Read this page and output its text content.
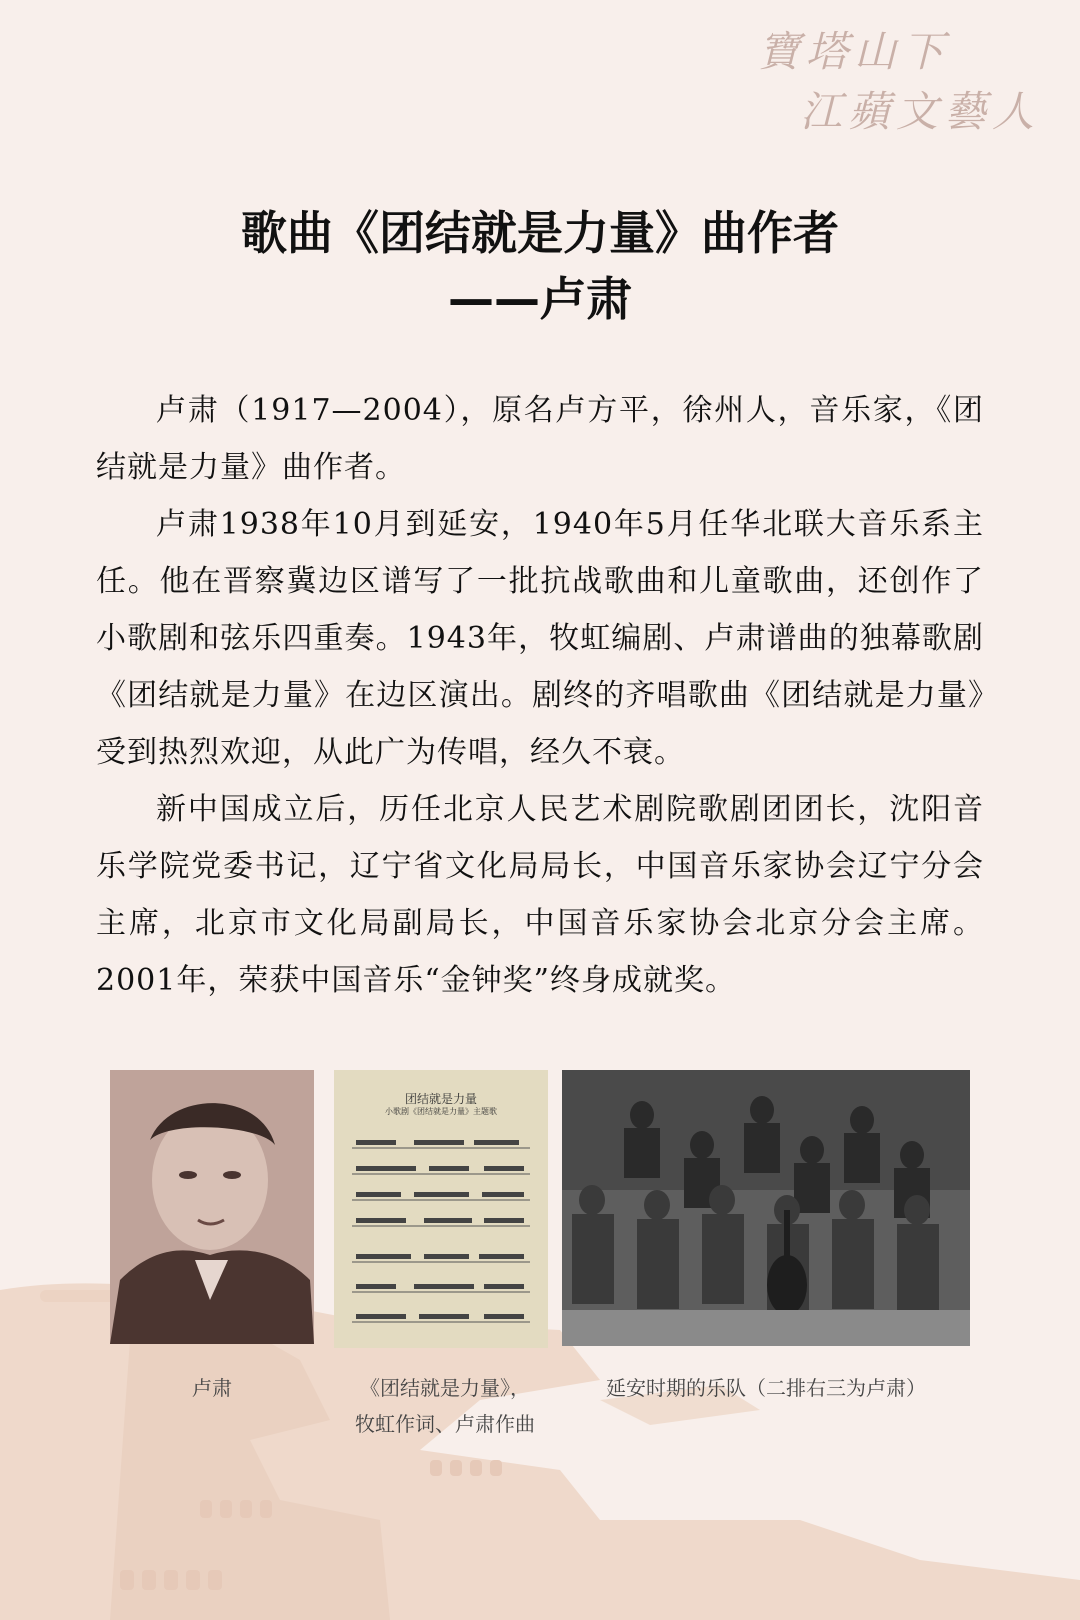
寶塔山下
江蘋文藝人
歌曲《团结就是力量》曲作者
——卢肃

卢肃（1917—2004），原名卢方平，徐州人，音乐家，《团结就是力量》曲作者。

卢肃1938年10月到延安，1940年5月任华北联大音乐系主任。他在晋察冀边区谱写了一批抗战歌曲和儿童歌曲，还创作了小歌剧和弦乐四重奏。1943年，牧虹编剧、卢肃谱曲的独幕歌剧《团结就是力量》在边区演出。剧终的齐唱歌曲《团结就是力量》受到热烈欢迎，从此广为传唱，经久不衰。

新中国成立后，历任北京人民艺术剧院歌剧团团长，沈阳音乐学院党委书记，辽宁省文化局局长，中国音乐家协会辽宁分会主席，北京市文化局副局长，中国音乐家协会北京分会主席。2001年，荣获中国音乐“金钟奖”终身成就奖。

团结就是力量
小歌剧《团结就是力量》主题歌
卢肃	《团结就是力量》，
牧虹作词、卢肃作曲
延安时期的乐队（二排右三为卢肃）
